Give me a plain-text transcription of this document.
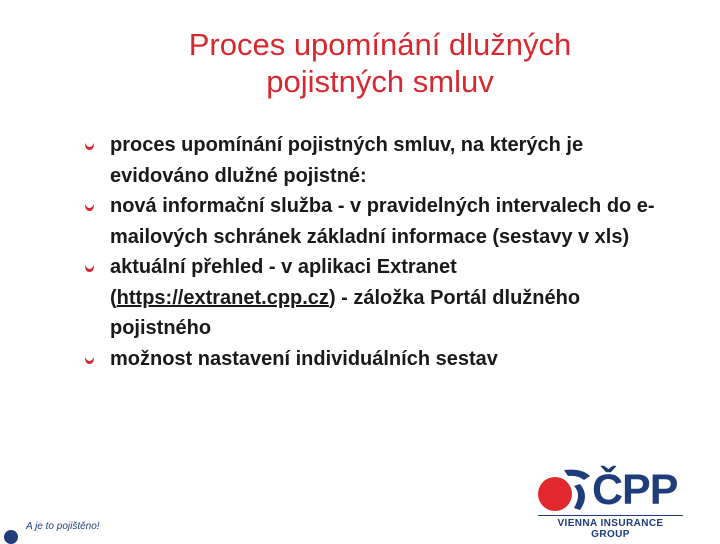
Proces upomínání dlužných
pojistných smluv
proces upomínání pojistných smluv, na kterých je evidováno dlužné pojistné:
nová informační služba - v pravidelných intervalech do e-mailových schránek základní informace (sestavy v xls)
aktuální přehled - v aplikaci Extranet (https://extranet.cpp.cz) - záložka Portál dlužného pojistného
možnost nastavení individuálních sestav
A je to pojištěno!
ČPP
VIENNA INSURANCE GROUP
